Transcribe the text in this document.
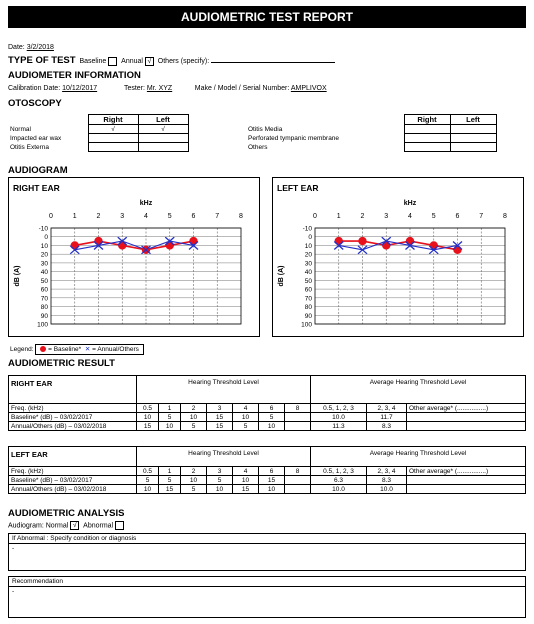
AUDIOMETRIC TEST REPORT
Date: 3/2/2018
TYPE OF TEST Baseline Annual √ Others (specify):
AUDIOMETER INFORMATION
Calibration Date: 10/12/2017	Tester: Mr. XYZ	Make / Model / Serial Number: AMPLIVOX
OTOSCOPY
	Right	Left
Normal	√	√
Impacted ear wax		
Otitis Externa		
	Right	Left
Otitis Media		
Perforated tympanic membrane		
Others		
AUDIOGRAM
RIGHT EAR
kHz
0	1	2	3	4	5	6	7	8
-10
0
10
20
30
40
50
60
70
80
90
100
dB (A)
LEFT EAR
kHz
0	1	2	3	4	5	6	7	8
-10
0
10
20
30
40
50
60
70
80
90
100
dB (A)
Legend: = Baseline* ✕ = Annual/Others
AUDIOMETRIC RESULT
RIGHT EAR	Hearing Threshold Level							Average Hearing Threshold Level		
Freq. (kHz)	0.5	1	2	3	4	6	8	0.5, 1, 2, 3	2, 3, 4	Other average* (................)
Baseline* (dB) – 03/02/2017	10	5	10	15	10	5		10.0	11.7	
Annual/Others (dB) – 03/02/2018	15	10	5	15	5	10		11.3	8.3	
LEFT EAR	Hearing Threshold Level							Average Hearing Threshold Level		
Freq. (kHz)	0.5	1	2	3	4	6	8	0.5, 1, 2, 3	2, 3, 4	Other average* (................)
Baseline* (dB) – 03/02/2017	5	5	10	5	10	15		6.3	8.3	
Annual/Others (dB) – 03/02/2018	10	15	5	10	15	10		10.0	10.0	
AUDIOMETRIC ANALYSIS
Audiogram: Normal √ Abnormal
If Abnormal : Specify condition or diagnosis
-
Recommendation
-
